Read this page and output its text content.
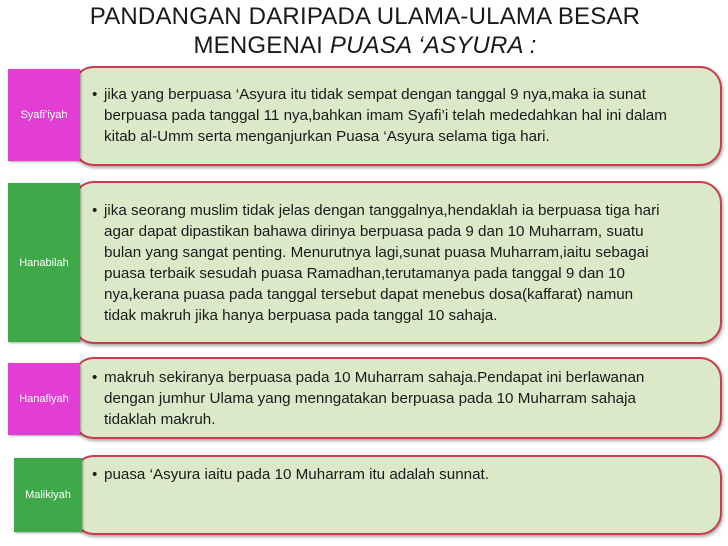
PANDANGAN DARIPADA ULAMA-ULAMA BESAR
MENGENAI PUASA ‘ASYURA :
• jika yang berpuasa ‘Asyura itu tidak sempat dengan tanggal 9 nya,maka ia sunat
berpuasa pada tanggal 11 nya,bahkan imam Syafi’i telah mededahkan hal ini dalam
kitab al-Umm serta menganjurkan Puasa ‘Asyura selama tiga hari.
Syafi’iyah
• jika seorang muslim tidak jelas dengan tanggalnya,hendaklah ia berpuasa tiga hari
agar dapat dipastikan bahawa dirinya berpuasa pada 9 dan 10 Muharram, suatu
bulan yang sangat penting. Menurutnya lagi,sunat puasa Muharram,iaitu sebagai
puasa terbaik sesudah puasa Ramadhan,terutamanya pada tanggal 9 dan 10
nya,kerana puasa pada tanggal tersebut dapat menebus dosa(kaffarat) namun
tidak makruh jika hanya berpuasa pada tanggal 10 sahaja.
Hanabilah
• makruh sekiranya berpuasa pada 10 Muharram sahaja.Pendapat ini berlawanan
dengan jumhur Ulama yang menngatakan berpuasa pada 10 Muharram sahaja
tidaklah makruh.
Hanafiyah
• puasa ‘Asyura iaitu pada 10 Muharram itu adalah sunnat.
Malikiyah
